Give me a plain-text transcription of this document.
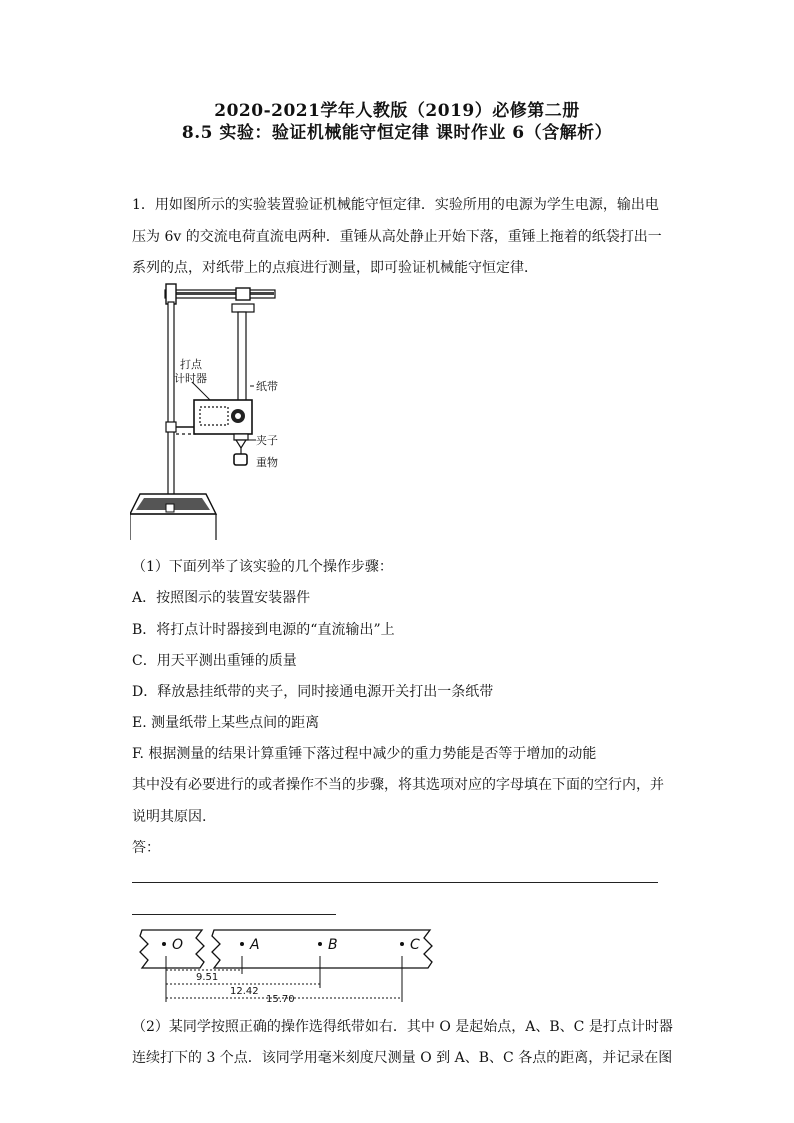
2020-2021学年人教版（2019）必修第二册
8.5 实验：验证机械能守恒定律 课时作业 6（含解析）
1．用如图所示的实验装置验证机械能守恒定律．实验所用的电源为学生电源，输出电
压为 6v 的交流电荷直流电两种．重锤从高处静止开始下落，重锤上拖着的纸袋打出一
系列的点，对纸带上的点痕进行测量，即可验证机械能守恒定律．
打点
计时器
纸带
夹子
重物
（1）下面列举了该实验的几个操作步骤：
A．按照图示的装置安装器件
B．将打点计时器接到电源的“直流输出”上
C．用天平测出重锤的质量
D．释放悬挂纸带的夹子，同时接通电源开关打出一条纸带
E. 测量纸带上某些点间的距离
F. 根据测量的结果计算重锤下落过程中减少的重力势能是否等于增加的动能
其中没有必要进行的或者操作不当的步骤，将其选项对应的字母填在下面的空行内，并
说明其原因.
答：
O	A	B	C
9.51
12.42
15.70
（2）某同学按照正确的操作选得纸带如右．其中 O 是起始点，A、B、C 是打点计时器
连续打下的 3 个点．该同学用毫米刻度尺测量 O 到 A、B、C 各点的距离，并记录在图
